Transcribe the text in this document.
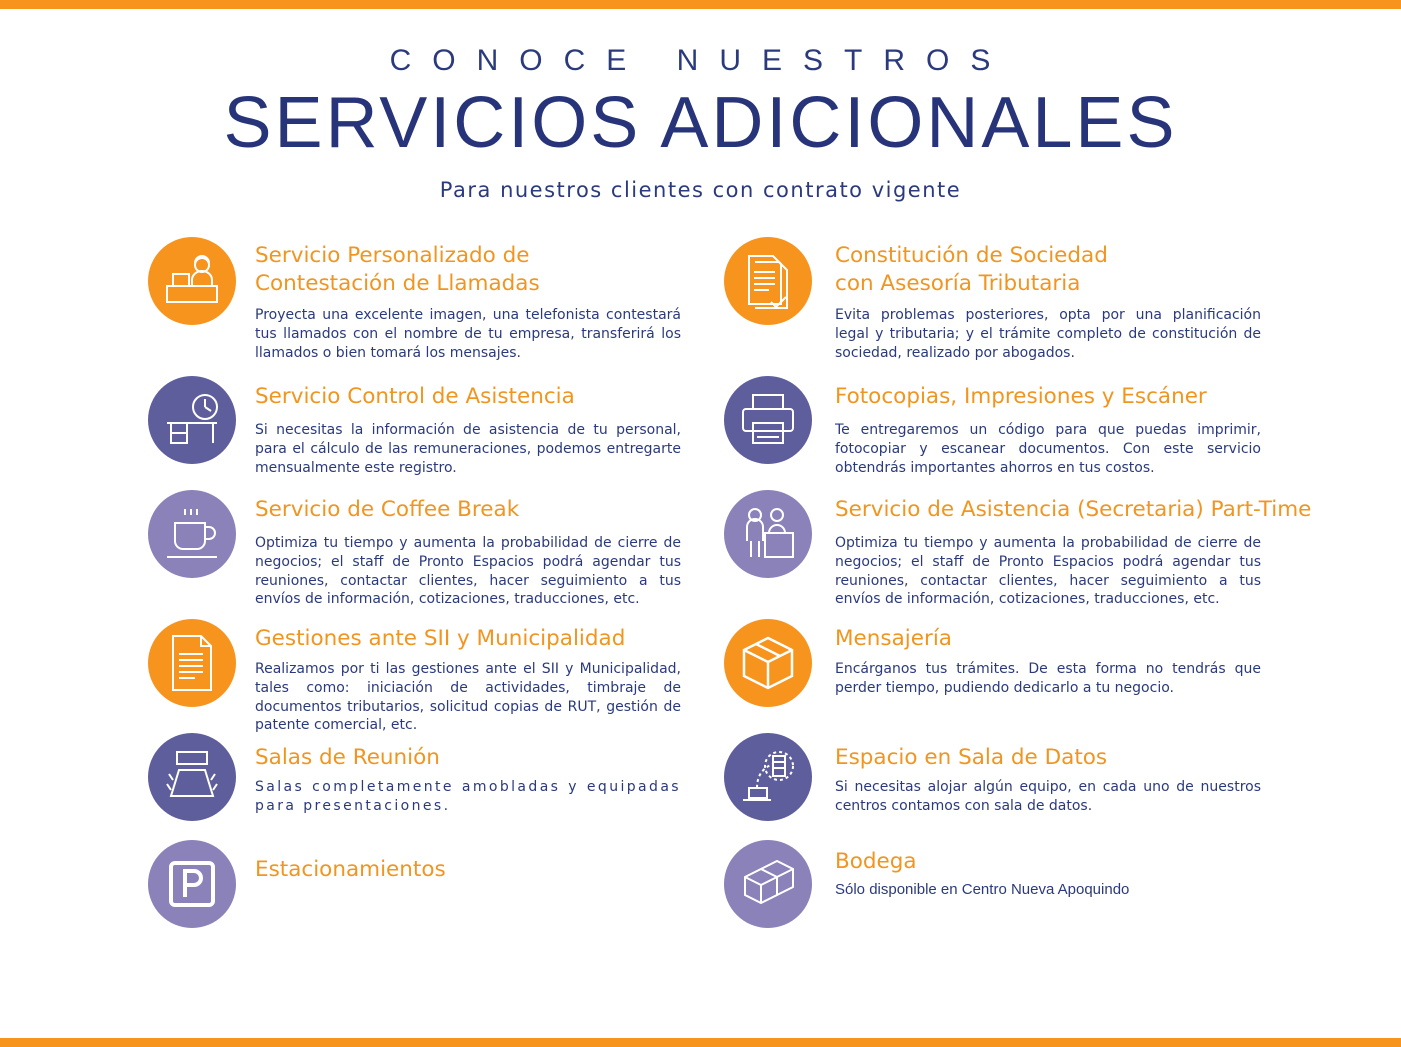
CONOCE NUESTROS
SERVICIOS ADICIONALES
Para nuestros clientes con contrato vigente
Servicio Personalizado de
Contestación de Llamadas
Proyecta una excelente imagen, una telefonista contestará tus llamados con el nombre de tu empresa, transferirá los llamados o bien tomará los mensajes.
Constitución de Sociedad
con Asesoría Tributaria
Evita problemas posteriores, opta por una planificación legal y tributaria; y el trámite completo de constitución de sociedad, realizado por abogados.
Servicio Control de Asistencia
Si necesitas la información de asistencia de tu personal, para el cálculo de las remuneraciones, podemos entregarte mensualmente este registro.
Fotocopias, Impresiones y Escáner
Te entregaremos un código para que puedas imprimir, fotocopiar y escanear documentos. Con este servicio obtendrás importantes ahorros en tus costos.
Servicio de Coffee Break
Optimiza tu tiempo y aumenta la probabilidad de cierre de negocios; el staff de Pronto Espacios podrá agendar tus reuniones, contactar clientes, hacer seguimiento a tus envíos de información, cotizaciones, traducciones, etc.
Servicio de Asistencia (Secretaria) Part-Time
Optimiza tu tiempo y aumenta la probabilidad de cierre de negocios; el staff de Pronto Espacios podrá agendar tus reuniones, contactar clientes, hacer seguimiento a tus envíos de información, cotizaciones, traducciones, etc.
Gestiones ante SII y Municipalidad
Realizamos por ti las gestiones ante el SII y Municipalidad, tales como: iniciación de actividades, timbraje de documentos tributarios, solicitud copias de RUT, gestión de patente comercial, etc.
Mensajería
Encárganos tus trámites. De esta forma no tendrás que perder tiempo, pudiendo dedicarlo a tu negocio.
Salas de Reunión
Salas completamente amobladas y equipadas para presentaciones.
Espacio en Sala de Datos
Si necesitas alojar algún equipo, en cada uno de nuestros centros contamos con sala de datos.
Estacionamientos	Bodega
Sólo disponible en Centro Nueva Apoquindo
